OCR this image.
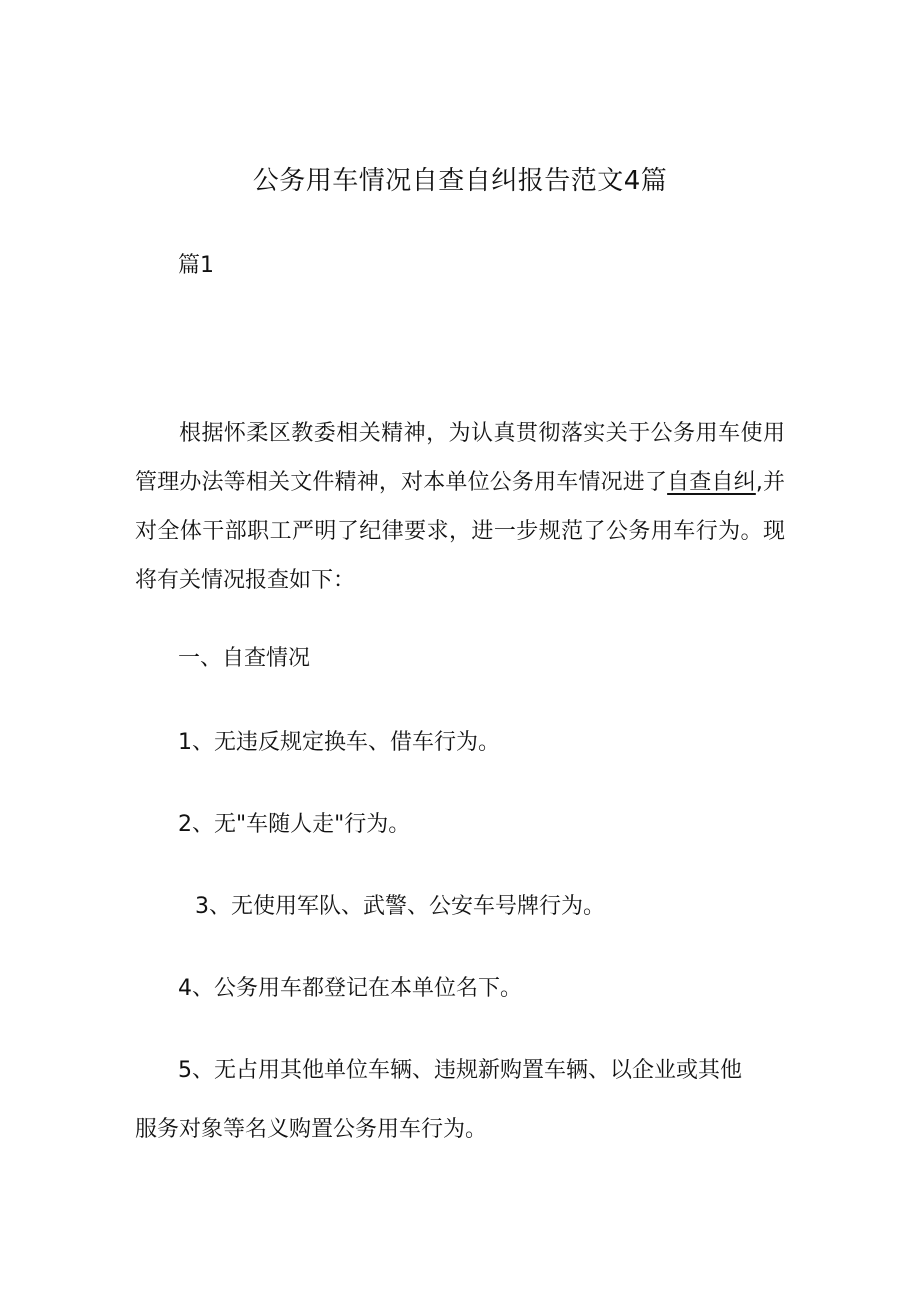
公务用车情况自查自纠报告范文4篇
篇1
根据怀柔区教委相关精神，为认真贯彻落实关于公务用车使用管理办法等相关文件精神，对本单位公务用车情况进了自查自纠,并对全体干部职工严明了纪律要求，进一步规范了公务用车行为。现将有关情况报查如下：
一、自查情况
1、无违反规定换车、借车行为。
2、无"车随人走"行为。
3、无使用军队、武警、公安车号牌行为。
4、公务用车都登记在本单位名下。
5、无占用其他单位车辆、违规新购置车辆、以企业或其他
服务对象等名义购置公务用车行为。
